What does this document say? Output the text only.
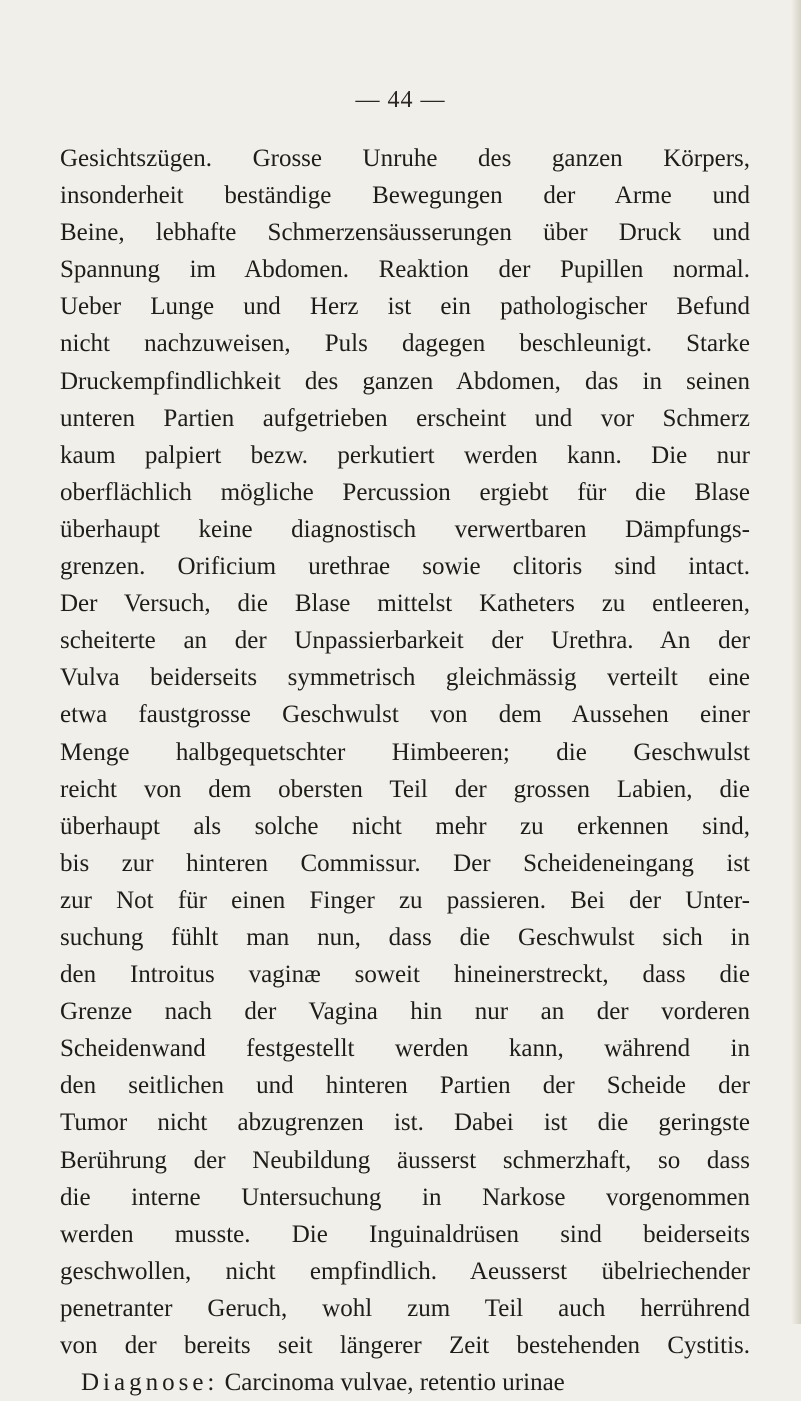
— 44 —
Gesichtszügen. Grosse Unruhe des ganzen Körpers,
insonderheit beständige Bewegungen der Arme und
Beine, lebhafte Schmerzensäusserungen über Druck und
Spannung im Abdomen. Reaktion der Pupillen normal.
Ueber Lunge und Herz ist ein pathologischer Befund
nicht nachzuweisen, Puls dagegen beschleunigt. Starke
Druckempfindlichkeit des ganzen Abdomen, das in seinen
unteren Partien aufgetrieben erscheint und vor Schmerz
kaum palpiert bezw. perkutiert werden kann. Die nur
oberflächlich mögliche Percussion ergiebt für die Blase
überhaupt keine diagnostisch verwertbaren Dämpfungs-
grenzen. Orificium urethrae sowie clitoris sind intact.
Der Versuch, die Blase mittelst Katheters zu entleeren,
scheiterte an der Unpassierbarkeit der Urethra. An der
Vulva beiderseits symmetrisch gleichmässig verteilt eine
etwa faustgrosse Geschwulst von dem Aussehen einer
Menge halbgequetschter Himbeeren; die Geschwulst
reicht von dem obersten Teil der grossen Labien, die
überhaupt als solche nicht mehr zu erkennen sind,
bis zur hinteren Commissur. Der Scheideneingang ist
zur Not für einen Finger zu passieren. Bei der Unter-
suchung fühlt man nun, dass die Geschwulst sich in
den Introitus vaginæ soweit hineinerstreckt, dass die
Grenze nach der Vagina hin nur an der vorderen
Scheidenwand festgestellt werden kann, während in
den seitlichen und hinteren Partien der Scheide der
Tumor nicht abzugrenzen ist. Dabei ist die geringste
Berührung der Neubildung äusserst schmerzhaft, so dass
die interne Untersuchung in Narkose vorgenommen
werden musste. Die Inguinaldrüsen sind beiderseits
geschwollen, nicht empfindlich. Aeusserst übelriechender
penetranter Geruch, wohl zum Teil auch herrührend
von der bereits seit längerer Zeit bestehenden Cystitis.
Diagnose: Carcinoma vulvae, retentio urinae
